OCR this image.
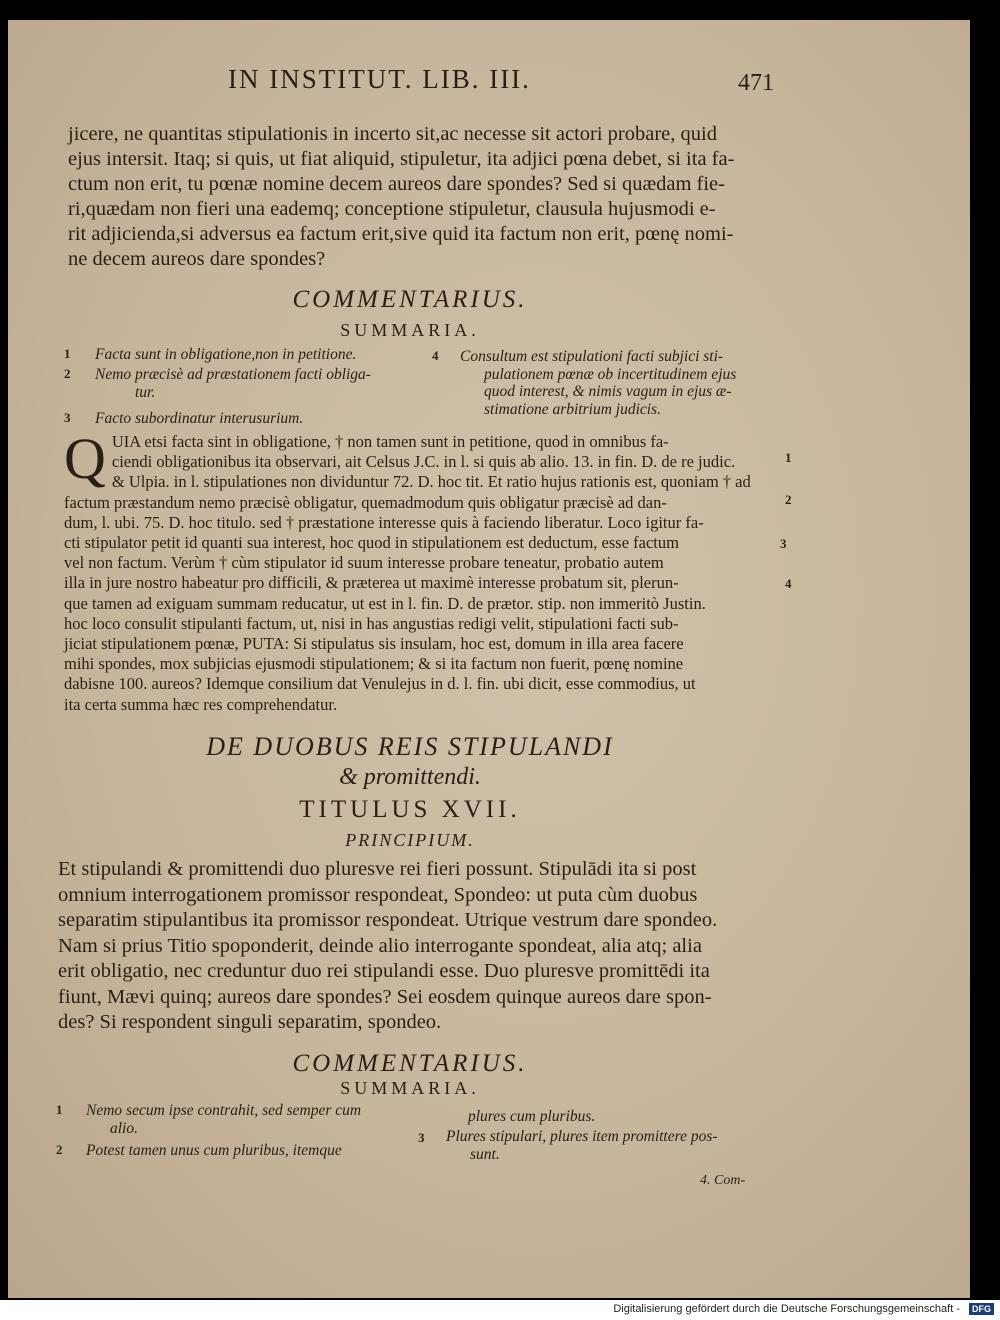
IN INSTITUT. LIB. III.	471
jicere, ne quantitas stipulationis in incerto sit,ac necesse sit actori probare, quid
ejus intersit. Itaq; si quis, ut fiat aliquid, stipuletur, ita adjici pœna debet, si ita fa-
ctum non erit, tu pœnæ nomine decem aureos dare spondes? Sed si quædam fie-
ri,quædam non fieri una eademq; conceptione stipuletur, clausula hujusmodi e-
rit adjicienda,si adversus ea factum erit,sive quid ita factum non erit, pœnę nomi-
ne decem aureos dare spondes?
COMMENTARIUS.
SUMMARIA.
1 Facta sunt in obligatione,non in petitione.
2 Nemo præcisè ad præstationem facti obliga-
tur.
3 Facto subordinatur interusurium.
4 Consultum est stipulationi facti subjici sti-
pulationem pœnæ ob incertitudinem ejus
quod interest, & nimis vagum in ejus æ-
stimatione arbitrium judicis.
Q UIA etsi facta sint in obligatione, † non tamen sunt in petitione, quod in omnibus fa-
ciendi obligationibus ita observari, ait Celsus J.C. in l. si quis ab alio. 13. in fin. D. de re judic.
& Ulpia. in l. stipulationes non dividuntur 72. D. hoc tit. Et ratio hujus rationis est, quoniam † ad
factum præstandum nemo præcisè obligatur, quemadmodum quis obligatur præcisè ad dan-
dum, l. ubi. 75. D. hoc titulo. sed † præstatione interesse quis à faciendo liberatur. Loco igitur fa-
cti stipulator petit id quanti sua interest, hoc quod in stipulationem est deductum, esse factum
vel non factum. Verùm † cùm stipulator id suum interesse probare teneatur, probatio autem
illa in jure nostro habeatur pro difficili, & præterea ut maximè interesse probatum sit, plerun-
que tamen ad exiguam summam reducatur, ut est in l. fin. D. de prætor. stip. non immeritò Justin.
hoc loco consulit stipulanti factum, ut, nisi in has angustias redigi velit, stipulationi facti sub-
jiciat stipulationem pœnæ, PUTA: Si stipulatus sis insulam, hoc est, domum in illa area facere
mihi spondes, mox subjicias ejusmodi stipulationem; & si ita factum non fuerit, pœnę nomine
dabisne 100. aureos? Idemque consilium dat Venulejus in d. l. fin. ubi dicit, esse commodius, ut
ita certa summa hæc res comprehendatur.
1
2
3
4
DE DUOBUS REIS STIPULANDI
& promittendi.
TITULUS XVII.
PRINCIPIUM.
Et stipulandi & promittendi duo pluresve rei fieri possunt. Stipulādi ita si post
omnium interrogationem promissor respondeat, Spondeo: ut puta cùm duobus
separatim stipulantibus ita promissor respondeat. Utrique vestrum dare spondeo.
Nam si prius Titio spoponderit, deinde alio interrogante spondeat, alia atq; alia
erit obligatio, nec creduntur duo rei stipulandi esse. Duo pluresve promittēdi ita
fiunt, Mævi quinq; aureos dare spondes? Sei eosdem quinque aureos dare spon-
des? Si respondent singuli separatim, spondeo.
COMMENTARIUS.
SUMMARIA.
1 Nemo secum ipse contrahit, sed semper cum
alio.
2 Potest tamen unus cum pluribus, itemque
plures cum pluribus.
3 Plures stipulari, plures item promittere pos-
sunt.
4. Com-
Digitalisierung gefördert durch die Deutsche Forschungsgemeinschaft -	DFG
